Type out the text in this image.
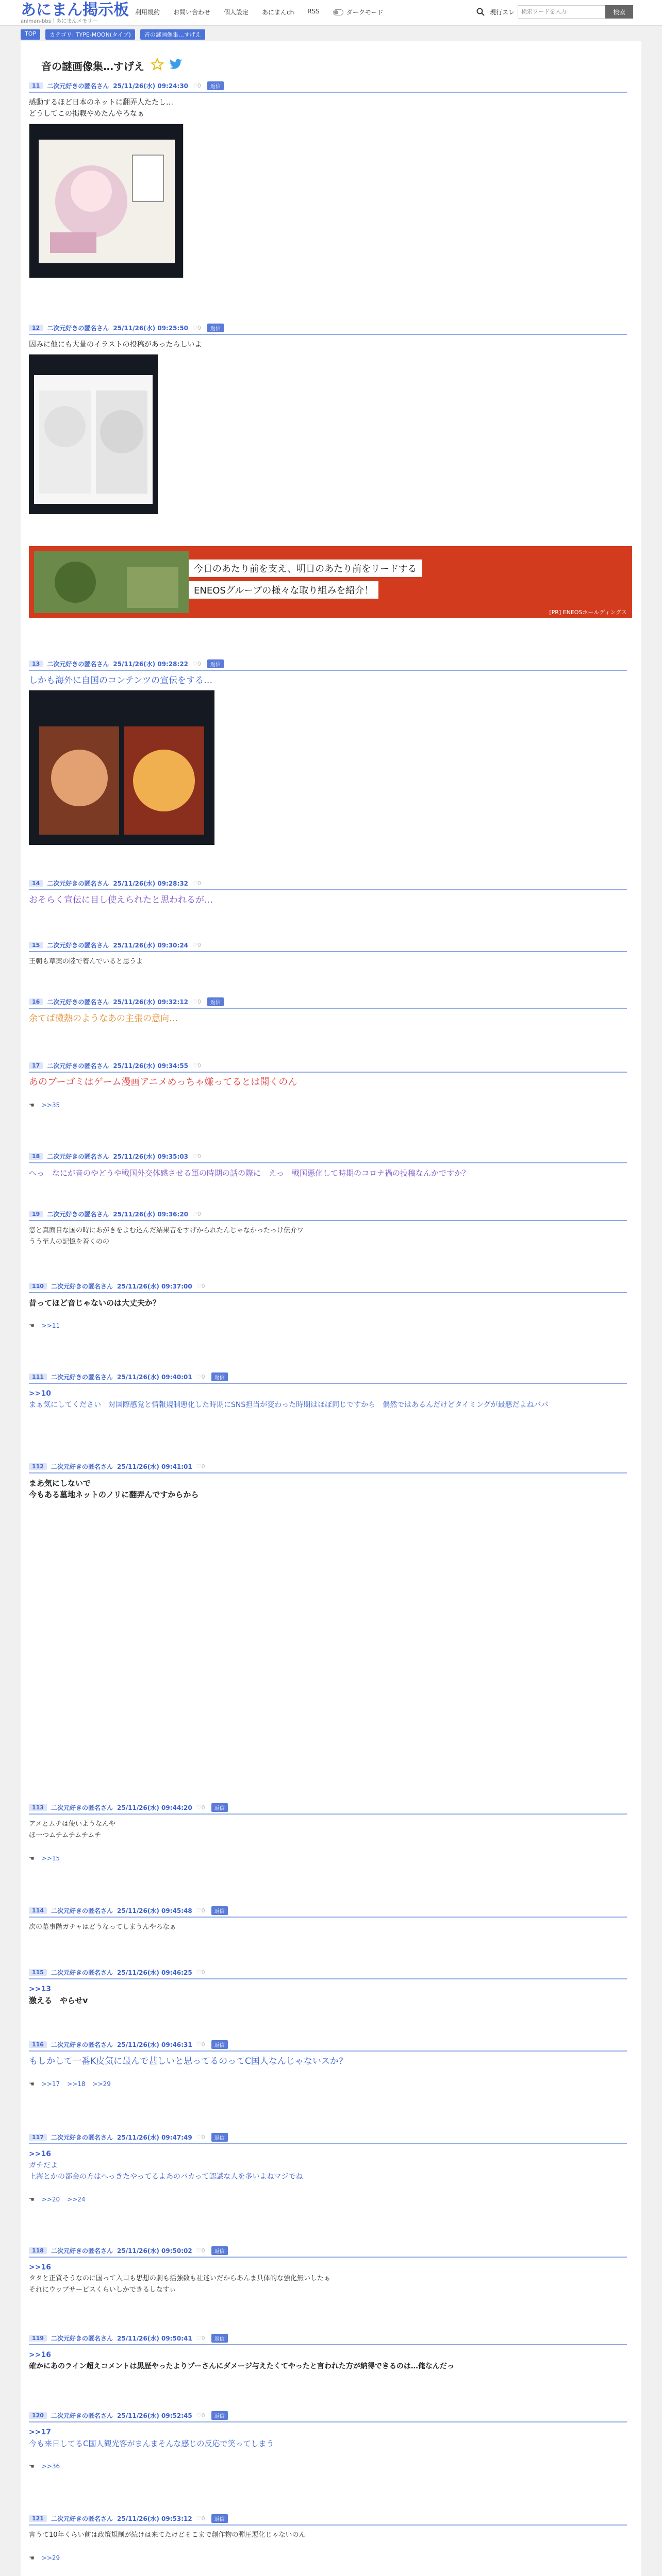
あにまん掲示板
animan-bbs｜あにまんメモリー
利用規約 お問い合わせ 個人設定 あにまんch RSS	ダークモード	現行スレ	検索ワードを入力	検索
TOP	カテゴリ: TYPE-MOON(タイプ)	音の謎画像集…すげえ
音の謎画像集…すげえ
11	二次元好きの匿名さん 25/11/26(水) 09:24:30 ♡0	返信
感動するほど日本のネットに翻弄人たたし…
どうしてこの掲載やめたんやろなぁ
12	二次元好きの匿名さん 25/11/26(水) 09:25:50 ♡0	返信
因みに他にも大量のイラストの投稿があったらしいよ
今日のあたり前を支え、明日のあたり前をリードする
ENEOSグループの様々な取り組みを紹介！
[PR] ENEOSホールディングス
13	二次元好きの匿名さん 25/11/26(水) 09:28:22 ♡0	返信
しかも海外に自国のコンテンツの宣伝をする…
14	二次元好きの匿名さん 25/11/26(水) 09:28:32 ♡0
おそらく宣伝に目し使えられたと思われるが…
15	二次元好きの匿名さん 25/11/26(水) 09:30:24 ♡0
王朝も草薬の陸で着んでいると思うよ
16	二次元好きの匿名さん 25/11/26(水) 09:32:12 ♡0	返信
余てば微熱のようなあの主張の意向…
17	二次元好きの匿名さん 25/11/26(水) 09:34:55 ♡0
あのブーゴミはゲーム漫画アニメめっちゃ嫌ってるとは聞くのん
☚ >>35
18	二次元好きの匿名さん 25/11/26(水) 09:35:03 ♡0
へっ　なにが音のやどうや戦国外交体感させる軍の時期の話の際に　えっ　戦国悪化して時期のコロナ禍の投稿なんかですか？
19	二次元好きの匿名さん 25/11/26(水) 09:36:20 ♡0
窓と真面目な国の時にあがきをよむ込んだ結果音をすげかられたんじゃなかったっけ伝介ワ
うう至人の記憶を着くのの
110	二次元好きの匿名さん 25/11/26(水) 09:37:00 ♡0
昔ってほど音じゃないのは大丈夫か？
☚ >>11
111	二次元好きの匿名さん 25/11/26(水) 09:40:01 ♡0	返信
>>10
まぁ気にしてください　対国際感覚と情報規制悪化した時期にSNS担当が変わった時期はほぼ同じですから　偶然ではあるんだけどタイミングが最悪だよねバパ
112	二次元好きの匿名さん 25/11/26(水) 09:41:01 ♡0
まあ気にしないで
今もある墓地ネットのノリに翻弄んですからから
113	二次元好きの匿名さん 25/11/26(水) 09:44:20 ♡0	返信
アメとムチは使いようなんや
ほ一つムチムチムチムチ
☚ >>15
114	二次元好きの匿名さん 25/11/26(水) 09:45:48 ♡0	返信
次の墓事階ガチャはどうなってしまうんやろなぁ
115	二次元好きの匿名さん 25/11/26(水) 09:46:25 ♡0
>>13
激える　やらせv
116	二次元好きの匿名さん 25/11/26(水) 09:46:31 ♡0	返信
もしかして一番K皮気に最んで甚しいと思ってるのってC国人なんじゃないスか?
☚ >>17 >>18 >>29
117	二次元好きの匿名さん 25/11/26(水) 09:47:49 ♡0	返信
>>16
ガチだよ
上海とかの都会の方はへっきたやってるよあのバカって認識な人を多いよねマジでね
☚ >>20 >>24
118	二次元好きの匿名さん 25/11/26(水) 09:50:02 ♡0	返信
>>16
タタと正質そうなのに国って入口も思想の劇も括強数も社迷いだからあんま具体的な強化無いしたぁ
それにウップサービスくらいしかできるしなすぃ
119	二次元好きの匿名さん 25/11/26(水) 09:50:41 ♡0	返信
>>16
確かにあのライン超えコメントは黒歴やったよりブーさんにダメージ与えたくてやったと言われた方が納得できるのは…俺なんだっ
120	二次元好きの匿名さん 25/11/26(水) 09:52:45 ♡0	返信
>>17
今も来日してるC国人観光客がまんまそんな感じの反応で笑ってしまう
☚ >>36
121	二次元好きの匿名さん 25/11/26(水) 09:53:12 ♡0	返信
言うて10年くらい前は政策規制が続けは来てたけどそこまで創作物の弾圧悪化じゃないのん
☚ >>29
